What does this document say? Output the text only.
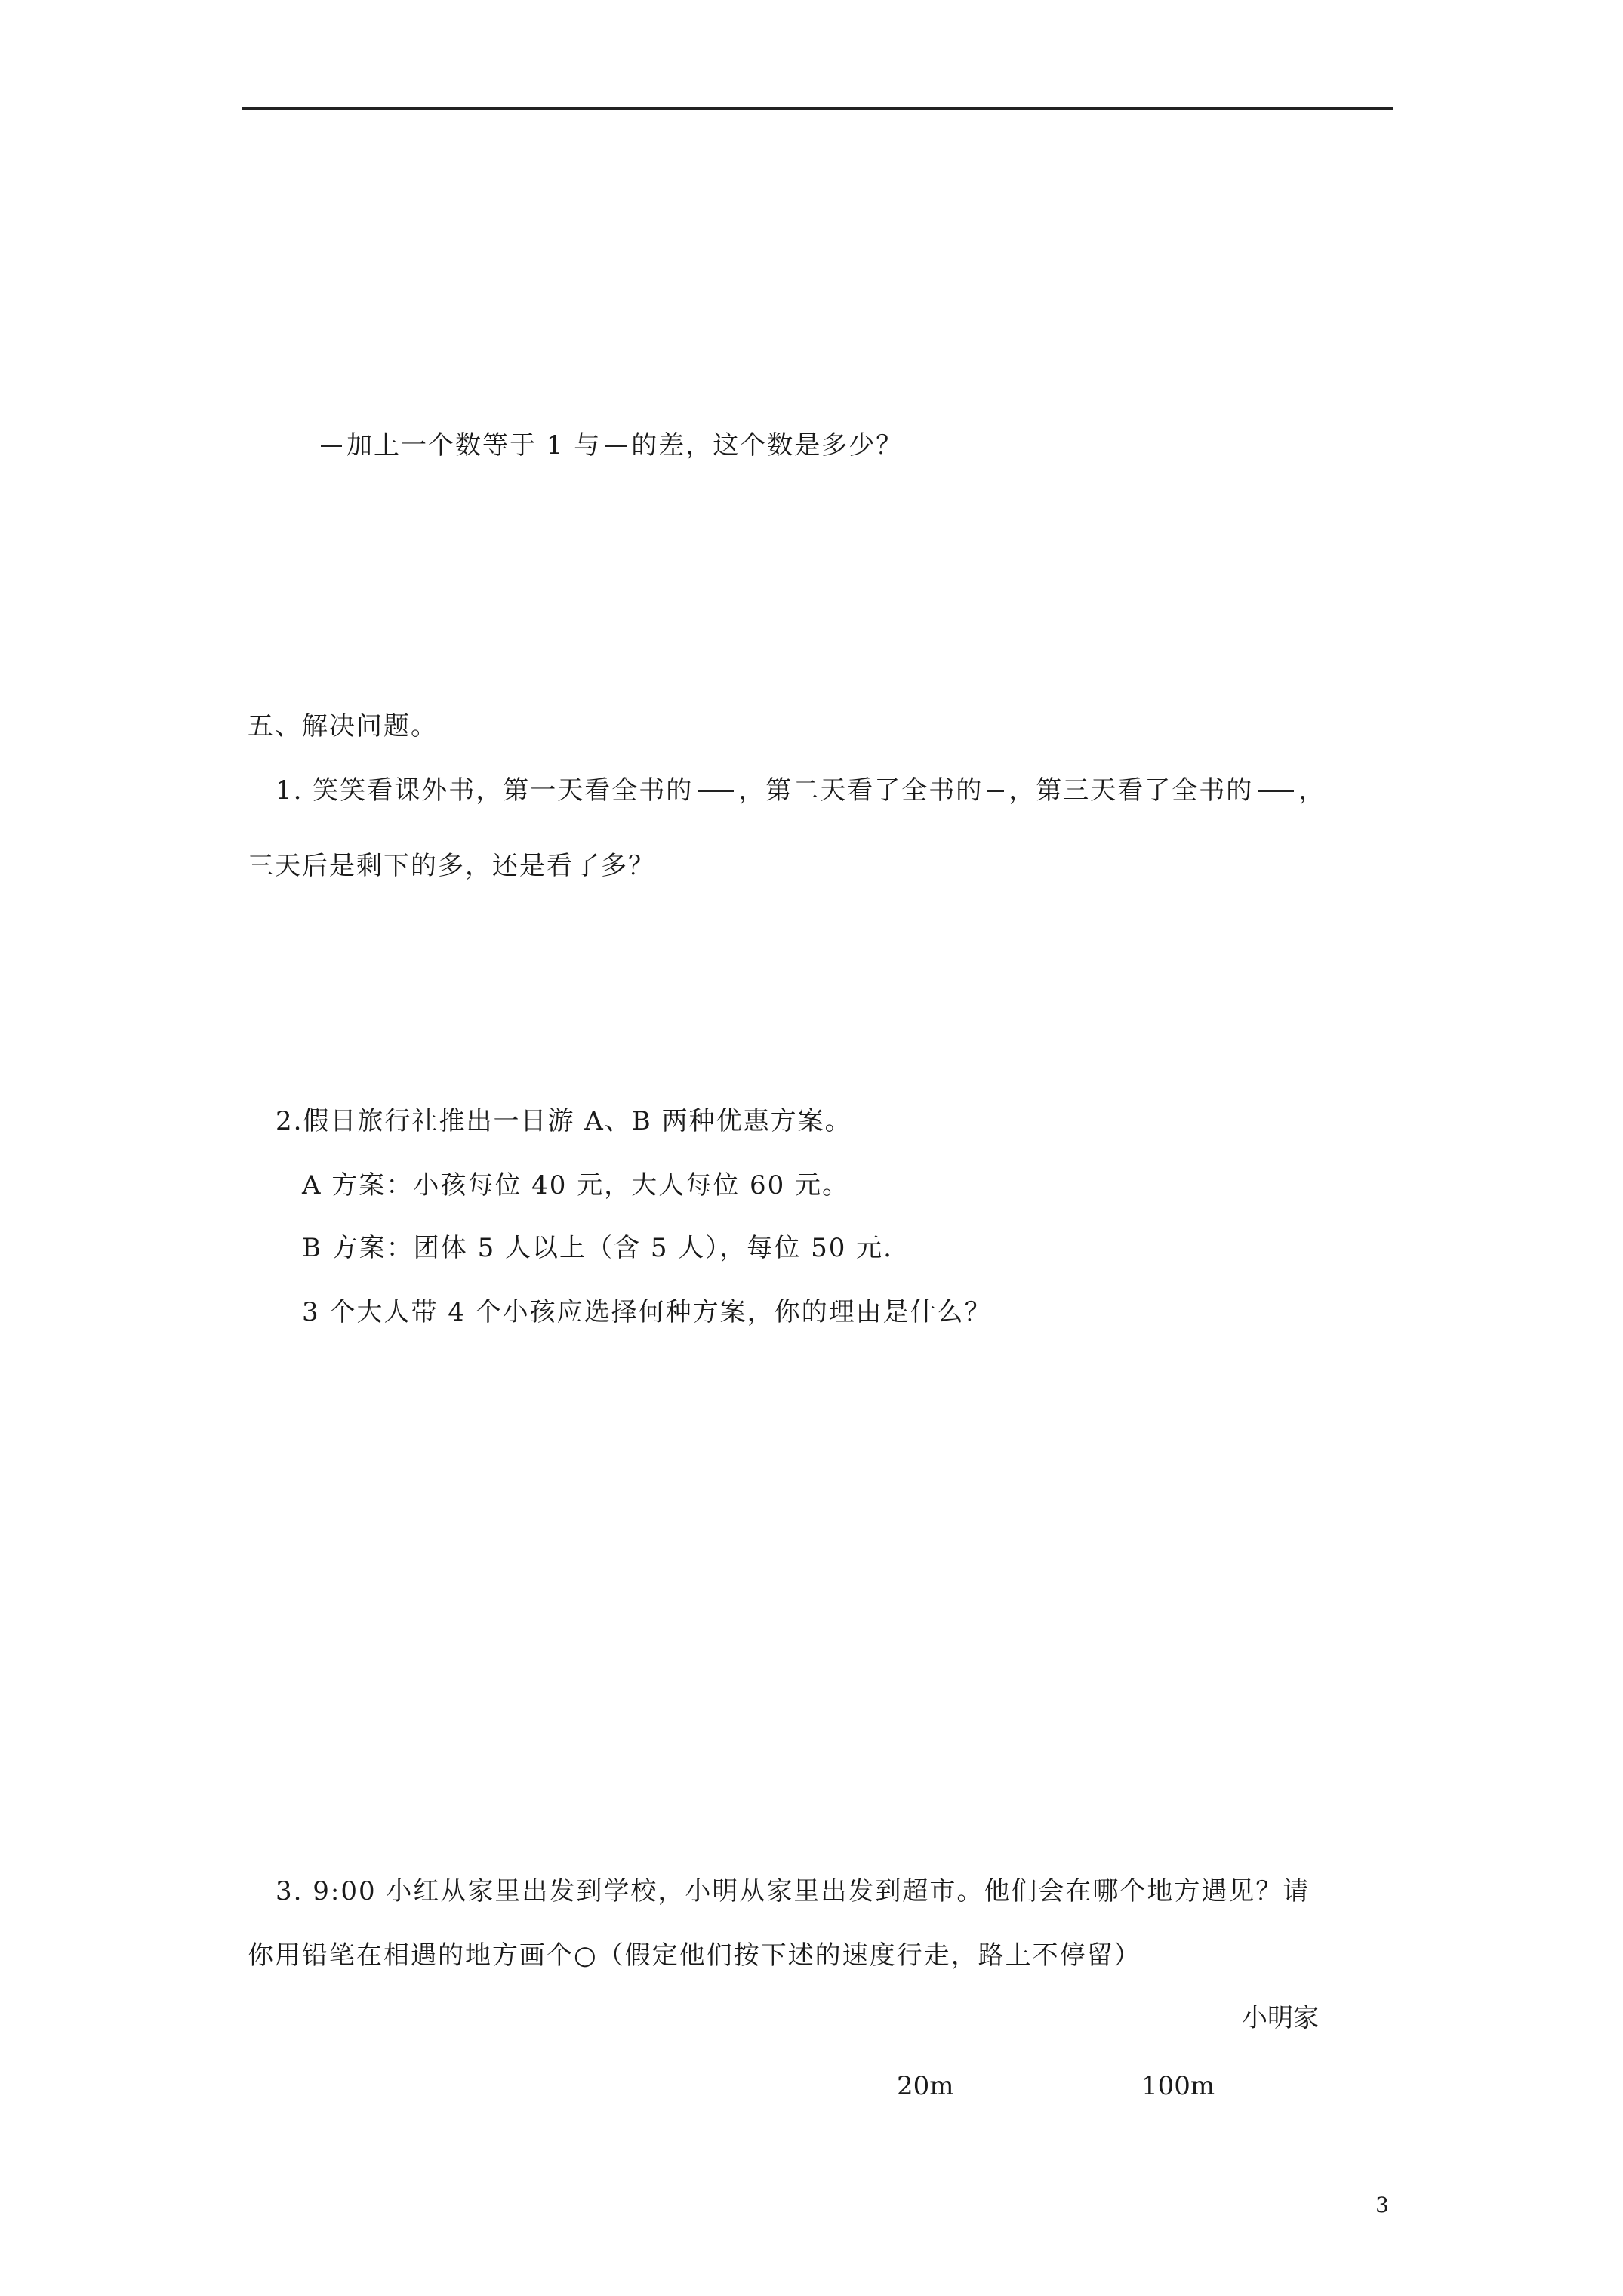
加上一个数等于 1 与 的差，这个数是多少？
五、解决问题。
1. 笑笑看课外书，第一天看全书的 ，第二天看了全书的 ，第三天看了全书的 ，
三天后是剩下的多，还是看了多？
2.假日旅行社推出一日游 A、B 两种优惠方案。
A 方案：小孩每位 40 元，大人每位 60 元。
B 方案：团体 5 人以上（含 5 人），每位 50 元.
3 个大人带 4 个小孩应选择何种方案，你的理由是什么？
3. 9:00 小红从家里出发到学校，小明从家里出发到超市。他们会在哪个地方遇见？请
你用铅笔在相遇的地方画个○（假定他们按下述的速度行走，路上不停留）
小明家
20m	100m
3
